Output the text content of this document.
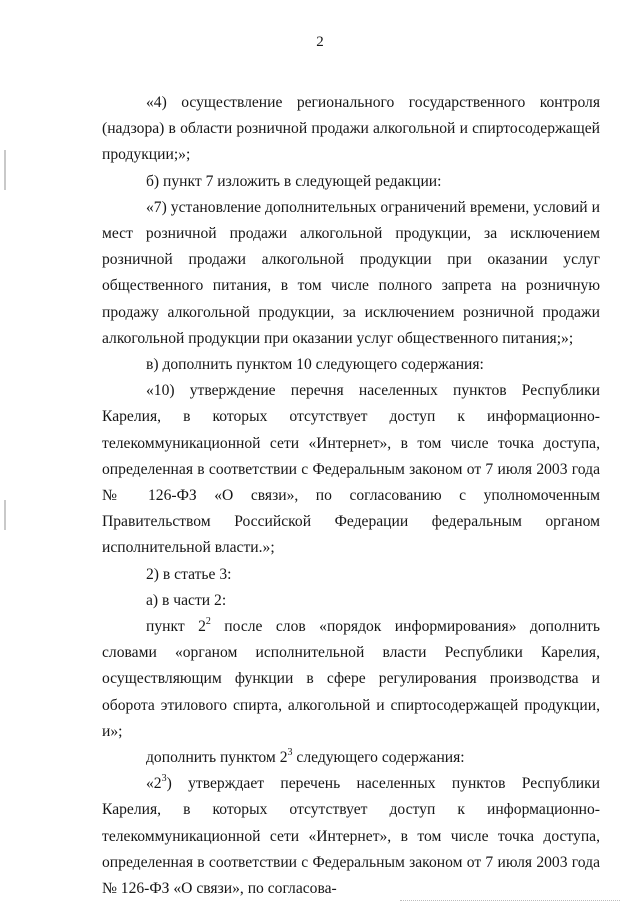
2

«4) осуществление регионального государственного контроля (надзора) в области розничной продажи алкогольной и спиртосодержащей продукции;»;

б) пункт 7 изложить в следующей редакции:

«7) установление дополнительных ограничений времени, условий и мест розничной продажи алкогольной продукции, за исключением розничной продажи алкогольной продукции при оказании услуг общественного питания, в том числе полного запрета на розничную продажу алкогольной продукции, за исключением розничной продажи алкогольной продукции при оказании услуг общественного питания;»;

в) дополнить пунктом 10 следующего содержания:

«10) утверждение перечня населенных пунктов Республики Карелия, в которых отсутствует доступ к информационно-телекоммуникационной сети «Интернет», в том числе точка доступа, определенная в соответствии с Федеральным законом от 7 июля 2003 года № 126-ФЗ «О связи», по согласованию с уполномоченным Правительством Российской Федерации федеральным органом исполнительной власти.»;

2) в статье 3:

а) в части 2:

пункт $2^2$ после слов «порядок информирования» дополнить словами «органом исполнительной власти Республики Карелия, осуществляющим функции в сфере регулирования производства и оборота этилового спирта, алкогольной и спиртосодержащей продукции, и»;

дополнить пунктом $2^3$ следующего содержания:

«$2^3$) утверждает перечень населенных пунктов Республики Карелия, в которых отсутствует доступ к информационно-телекоммуникационной сети «Интернет», в том числе точка доступа, определенная в соответствии с Федеральным законом от 7 июля 2003 года № 126-ФЗ «О связи», по согласова-
